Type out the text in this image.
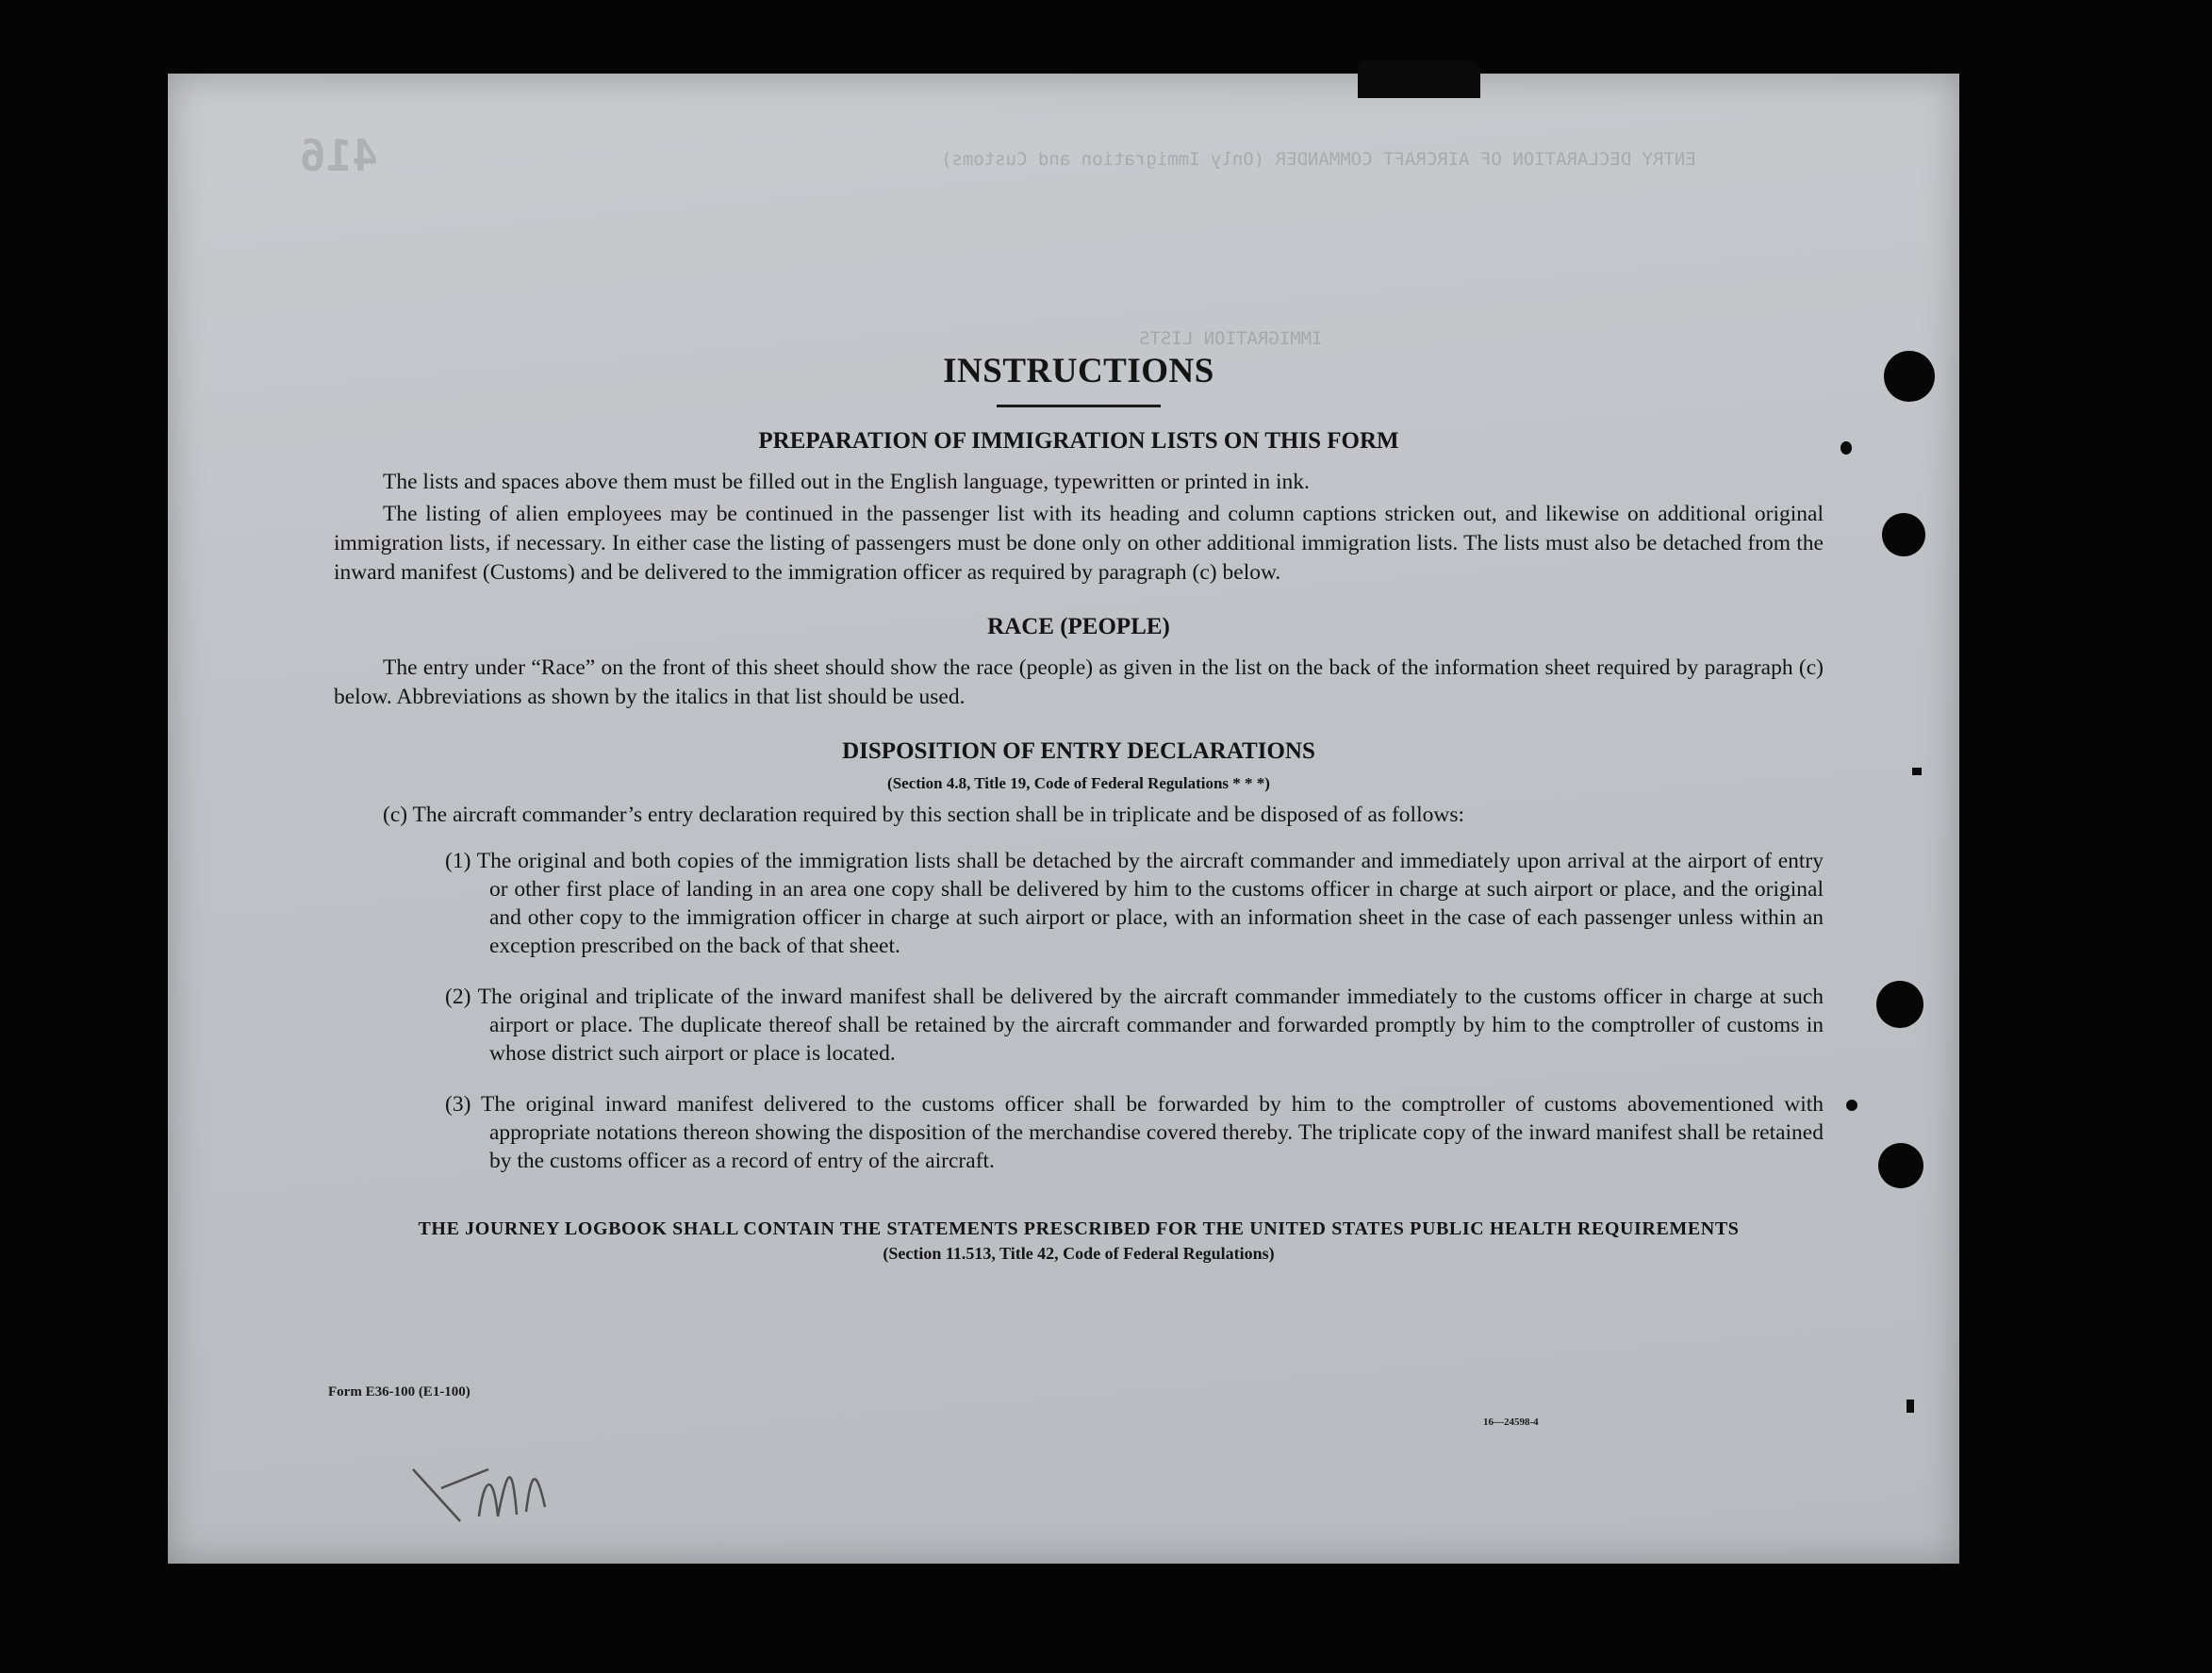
416	ENTRY DECLARATION OF AIRCRAFT COMMANDER (Only Immigration and Customs)
IMMIGRATION LISTS
INSTRUCTIONS
PREPARATION OF IMMIGRATION LISTS ON THIS FORM

The lists and spaces above them must be filled out in the English language, typewritten or printed in ink.

The listing of alien employees may be continued in the passenger list with its heading and column captions stricken out, and likewise on additional original immigration lists, if necessary. In either case the listing of passengers must be done only on other additional immigration lists. The lists must also be detached from the inward manifest (Customs) and be delivered to the immigration officer as required by paragraph (c) below.

RACE (PEOPLE)

The entry under “Race” on the front of this sheet should show the race (people) as given in the list on the back of the information sheet required by paragraph (c) below. Abbreviations as shown by the italics in that list should be used.

DISPOSITION OF ENTRY DECLARATIONS
(Section 4.8, Title 19, Code of Federal Regulations * * *)
(c) The aircraft commander’s entry declaration required by this section shall be in triplicate and be disposed of as follows:
(1) The original and both copies of the immigration lists shall be detached by the aircraft commander and immediately upon arrival at the airport of entry or other first place of landing in an area one copy shall be delivered by him to the customs officer in charge at such airport or place, and the original and other copy to the immigration officer in charge at such airport or place, with an information sheet in the case of each passenger unless within an exception prescribed on the back of that sheet.
(2) The original and triplicate of the inward manifest shall be delivered by the aircraft commander immediately to the customs officer in charge at such airport or place. The duplicate thereof shall be retained by the aircraft commander and forwarded promptly by him to the comptroller of customs in whose district such airport or place is located.
(3) The original inward manifest delivered to the customs officer shall be forwarded by him to the comptroller of customs abovementioned with appropriate notations thereon showing the disposition of the merchandise covered thereby. The triplicate copy of the inward manifest shall be retained by the customs officer as a record of entry of the aircraft.
THE JOURNEY LOGBOOK SHALL CONTAIN THE STATEMENTS PRESCRIBED FOR THE UNITED STATES PUBLIC HEALTH REQUIREMENTS
(Section 11.513, Title 42, Code of Federal Regulations)
Form E36-100 (E1-100)
16—24598-4
